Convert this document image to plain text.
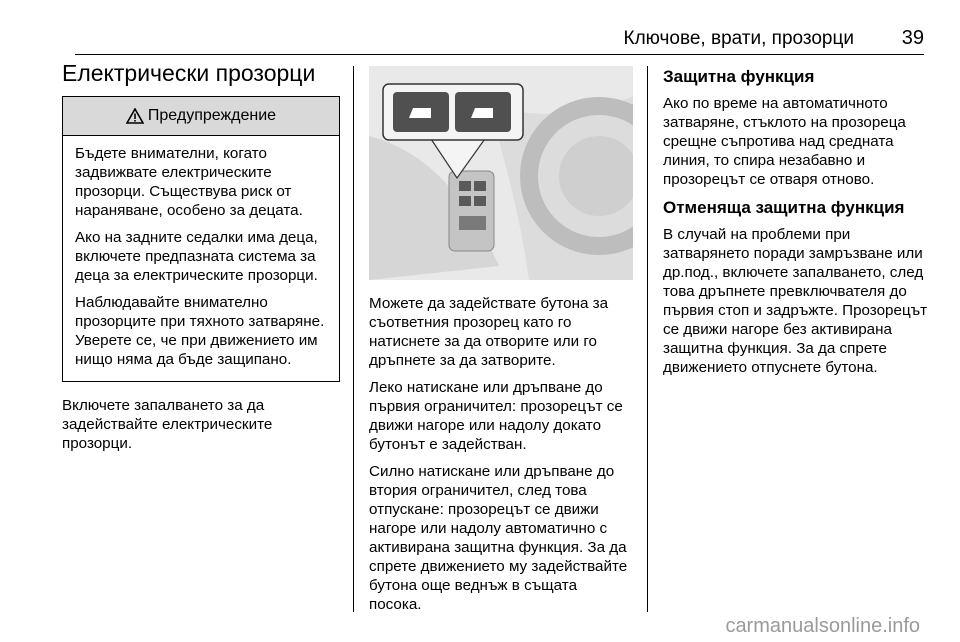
Ключове, врати, прозорци 39
Електрически прозорци
Предупреждение

Бъдете внимателни, когато задвижвате електрическите прозорци. Съществува риск от нараняване, особено за децата.

Ако на задните седалки има деца, включете предпазната система за деца за електрическите прозорци.

Наблюдавайте внимателно прозорците при тяхното затваряне. Уверете се, че при движението им нищо няма да бъде защипано.

Включете запалването за да задействайте електрическите прозорци.

Можете да задействате бутона за съответния прозорец като го натиснете за да отворите или го дръпнете за да затворите.

Леко натискане или дръпване до първия ограничител: прозорецът се движи нагоре или надолу докато бутонът е задействан.

Силно натискане или дръпване до втория ограничител, след това отпускане: прозорецът се движи нагоре или надолу автоматично с активирана защитна функция. За да спрете движението му задействайте бутона още веднъж в същата посока.

Защитна функция

Ако по време на автоматичното затваряне, стъклото на прозореца срещне съпротива над средната линия, то спира незабавно и прозорецът се отваря отново.

Отменяща защитна функция

В случай на проблеми при затварянето поради замръзване или др.под., включете запалването, след това дръпнете превключвателя до първия стоп и задръжте. Прозорецът се движи нагоре без активирана защитна функция. За да спрете движението отпуснете бутона.

carmanualsonline.info
